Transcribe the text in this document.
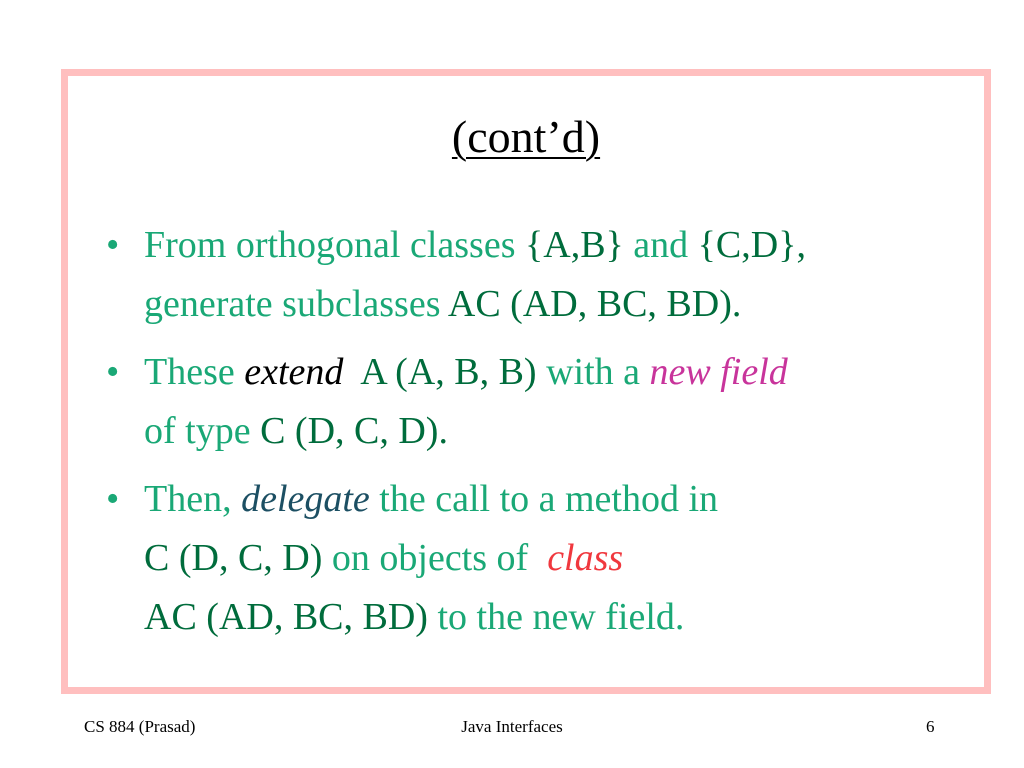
(cont’d)
• From orthogonal classes {A,B} and {C,D},
generate subclasses AC (AD, BC, BD).
• These extend A (A, B, B) with a new field
of type C (D, C, D).
• Then, delegate the call to a method in
C (D, C, D) on objects of  class
AC (AD, BC, BD) to the new field.
CS 884 (Prasad)	Java Interfaces	6
